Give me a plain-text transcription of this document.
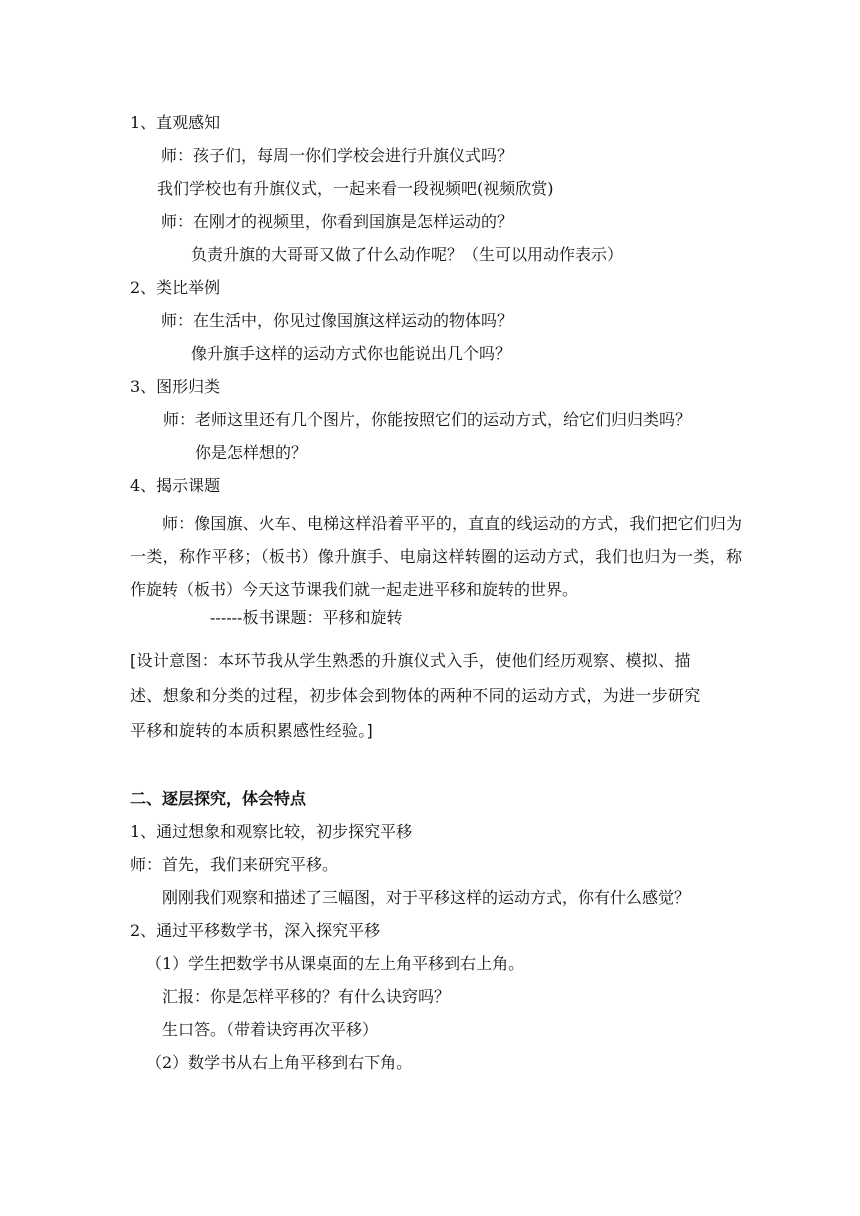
1、直观感知
师：孩子们，每周一你们学校会进行升旗仪式吗？
我们学校也有升旗仪式，一起来看一段视频吧(视频欣赏)
师：在刚才的视频里，你看到国旗是怎样运动的？
负责升旗的大哥哥又做了什么动作呢？（生可以用动作表示）
2、类比举例
师：在生活中，你见过像国旗这样运动的物体吗？
像升旗手这样的运动方式你也能说出几个吗？
3、图形归类
师：老师这里还有几个图片，你能按照它们的运动方式，给它们归归类吗？
你是怎样想的？
4、揭示课题

师：像国旗、火车、电梯这样沿着平平的，直直的线运动的方式，我们把它们归为一类，称作平移；（板书）像升旗手、电扇这样转圈的运动方式，我们也归为一类，称作旋转（板书）今天这节课我们就一起走进平移和旋转的世界。

------板书课题：平移和旋转
[设计意图：本环节我从学生熟悉的升旗仪式入手，使他们经历观察、模拟、描
述、想象和分类的过程，初步体会到物体的两种不同的运动方式，为进一步研究
平移和旋转的本质积累感性经验。]
二、逐层探究，体会特点
1、通过想象和观察比较，初步探究平移
师：首先，我们来研究平移。
刚刚我们观察和描述了三幅图，对于平移这样的运动方式，你有什么感觉？
2、通过平移数学书，深入探究平移
（1）学生把数学书从课桌面的左上角平移到右上角。
汇报：你是怎样平移的？有什么诀窍吗？
生口答。（带着诀窍再次平移）
（2）数学书从右上角平移到右下角。
